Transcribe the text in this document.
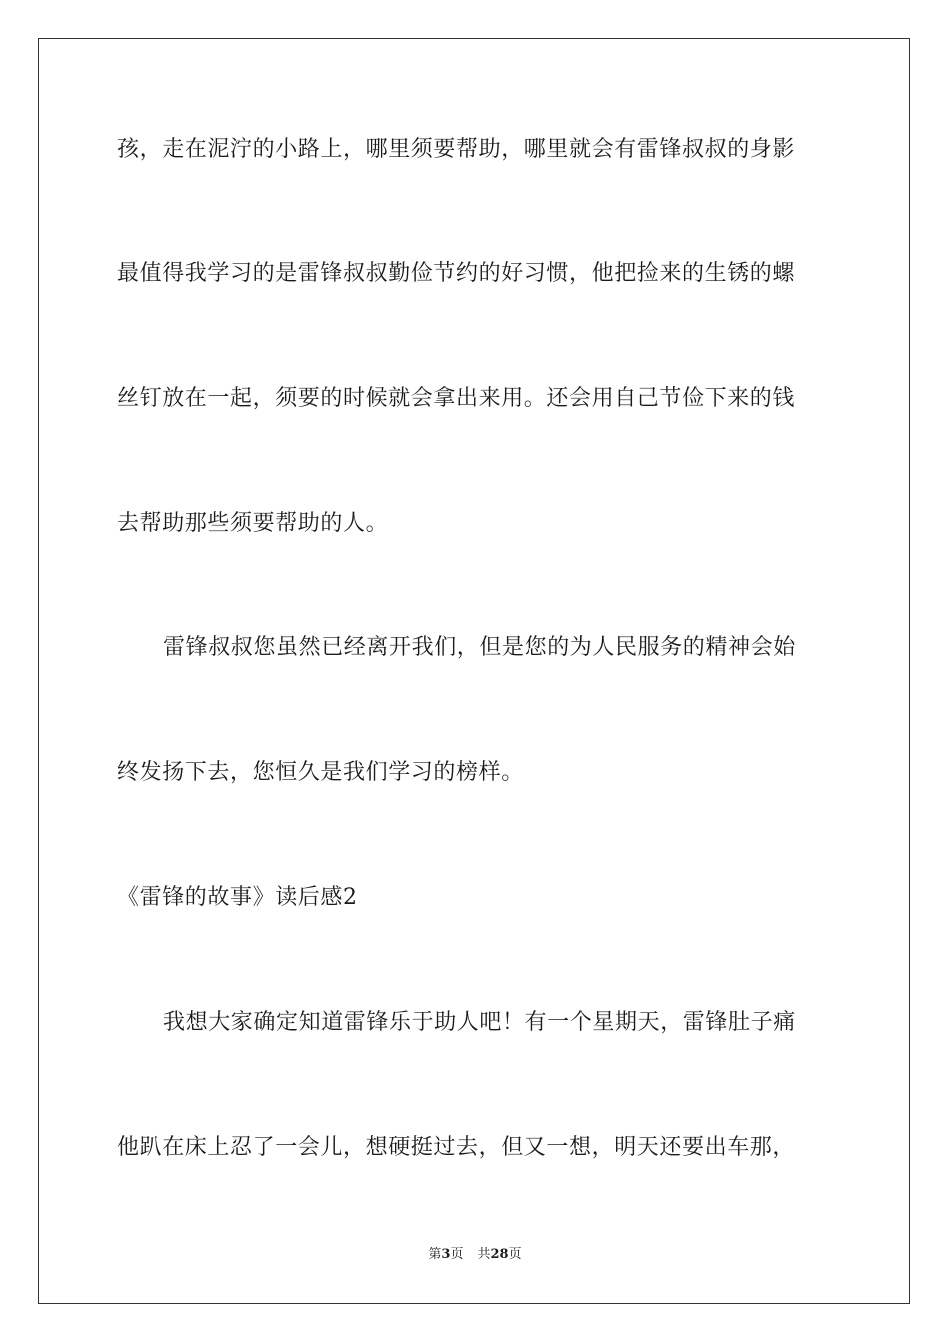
孩，走在泥泞的小路上，哪里须要帮助，哪里就会有雷锋叔叔的身影
最值得我学习的是雷锋叔叔勤俭节约的好习惯，他把捡来的生锈的螺
丝钉放在一起，须要的时候就会拿出来用。还会用自己节俭下来的钱
去帮助那些须要帮助的人。
雷锋叔叔您虽然已经离开我们，但是您的为人民服务的精神会始
终发扬下去，您恒久是我们学习的榜样。
《雷锋的故事》读后感2
我想大家确定知道雷锋乐于助人吧！有一个星期天，雷锋肚子痛
他趴在床上忍了一会儿，想硬挺过去，但又一想，明天还要出车那，
第3页 共28页
